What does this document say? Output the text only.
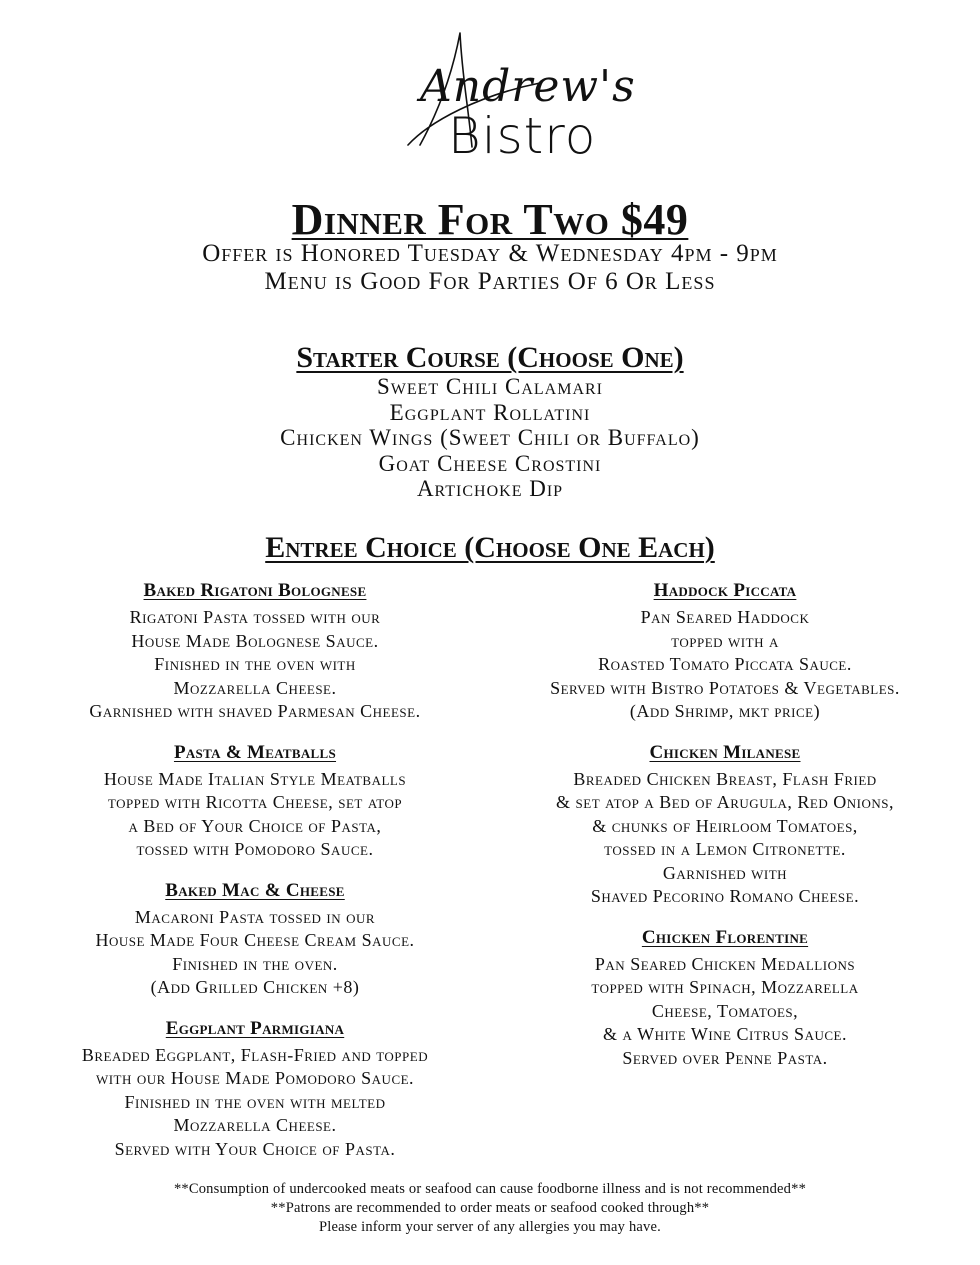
Andrew's
Bistro
Dinner For Two $49
Offer is Honored Tuesday & Wednesday 4pm - 9pm
Menu is Good For Parties Of 6 Or Less
Starter Course (Choose One)
Sweet Chili Calamari
Eggplant Rollatini
Chicken Wings (Sweet Chili or Buffalo)
Goat Cheese Crostini
Artichoke Dip
Entree Choice (Choose One Each)
Baked Rigatoni Bolognese
Rigatoni Pasta tossed with our
House Made Bolognese Sauce.
Finished in the oven with
Mozzarella Cheese.
Garnished with shaved Parmesan Cheese.
Pasta & Meatballs
House Made Italian Style Meatballs
topped with Ricotta Cheese, set atop
a Bed of Your Choice of Pasta,
tossed with Pomodoro Sauce.
Baked Mac & Cheese
Macaroni Pasta tossed in our
House Made Four Cheese Cream Sauce.
Finished in the oven.
(Add Grilled Chicken +8)
Eggplant Parmigiana
Breaded Eggplant, Flash-Fried and topped
with our House Made Pomodoro Sauce.
Finished in the oven with melted
Mozzarella Cheese.
Served with Your Choice of Pasta.
Haddock Piccata
Pan Seared Haddock
topped with a
Roasted Tomato Piccata Sauce.
Served with Bistro Potatoes & Vegetables.
(Add Shrimp, mkt price)
Chicken Milanese
Breaded Chicken Breast, Flash Fried
& set atop a Bed of Arugula, Red Onions,
& chunks of Heirloom Tomatoes,
tossed in a Lemon Citronette.
Garnished with
Shaved Pecorino Romano Cheese.
Chicken Florentine
Pan Seared Chicken Medallions
topped with Spinach, Mozzarella
Cheese, Tomatoes,
& a White Wine Citrus Sauce.
Served over Penne Pasta.
**Consumption of undercooked meats or seafood can cause foodborne illness and is not recommended**
**Patrons are recommended to order meats or seafood cooked through**
Please inform your server of any allergies you may have.
